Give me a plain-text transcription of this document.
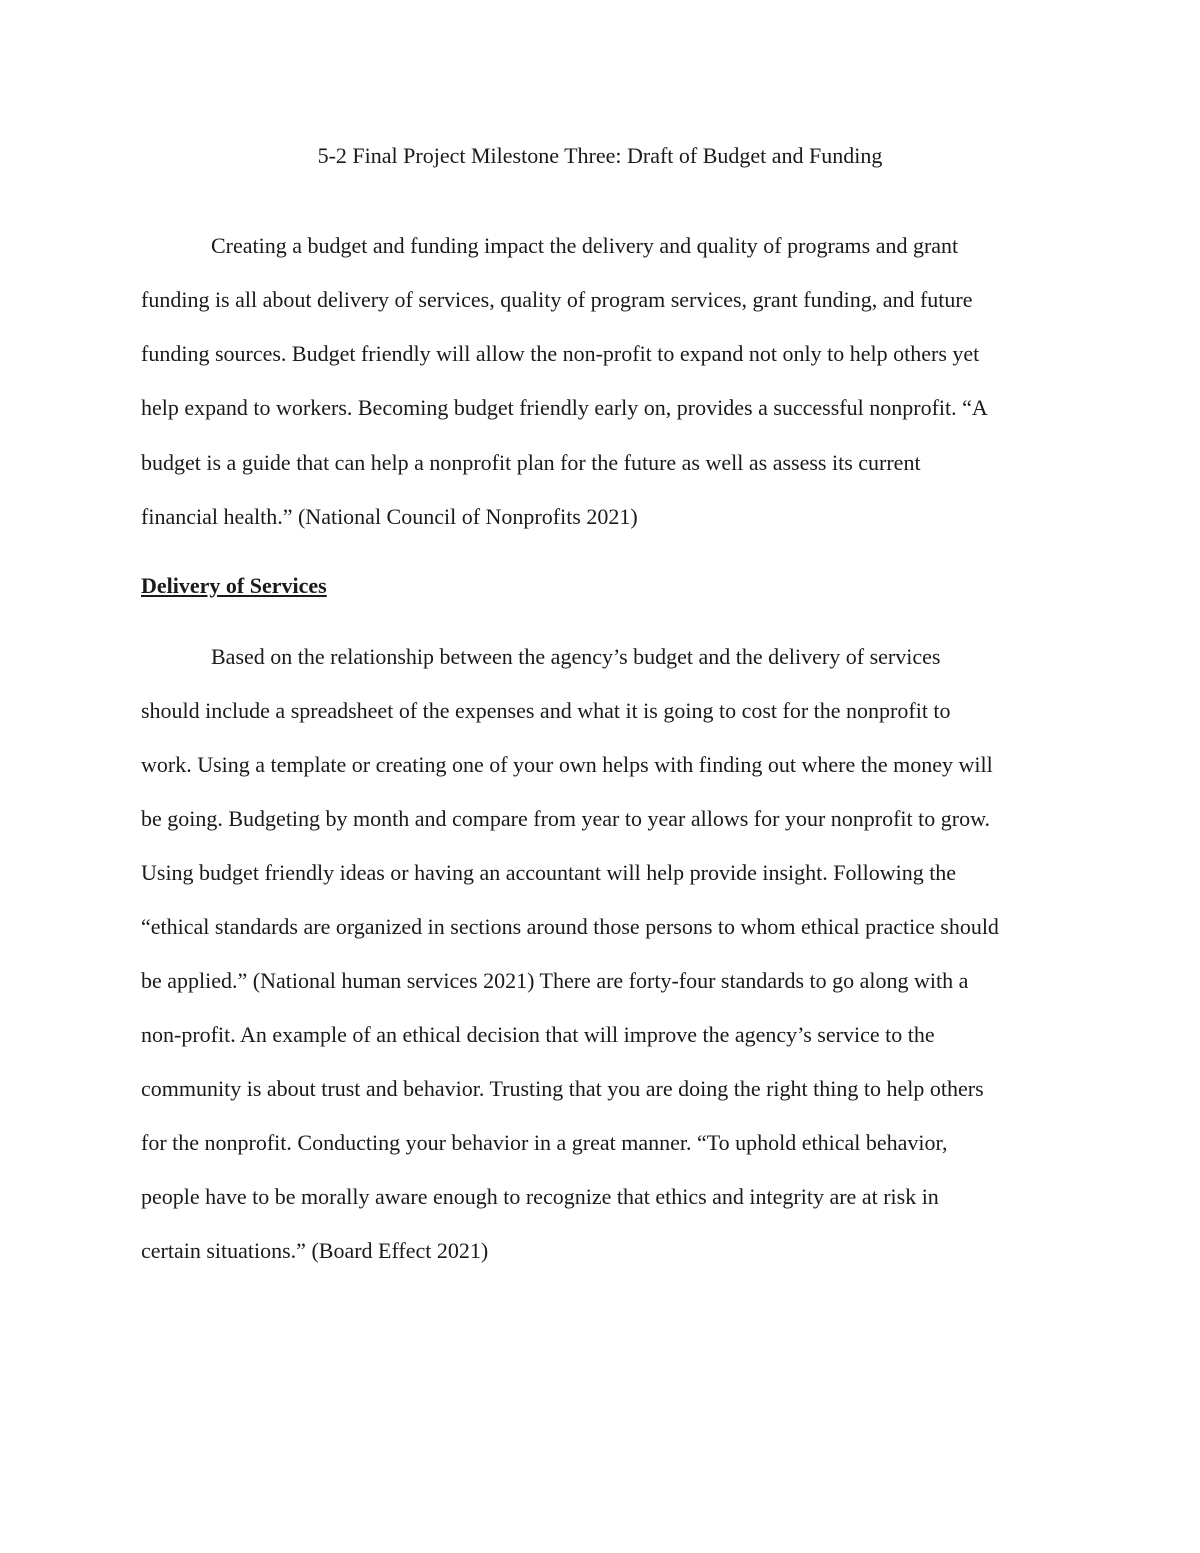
5-2 Final Project Milestone Three: Draft of Budget and Funding
Creating a budget and funding impact the delivery and quality of programs and grant
funding is all about delivery of services, quality of program services, grant funding, and future
funding sources. Budget friendly will allow the non-profit to expand not only to help others yet
help expand to workers. Becoming budget friendly early on, provides a successful nonprofit. “A
budget is a guide that can help a nonprofit plan for the future as well as assess its current
financial health.” (National Council of Nonprofits 2021)
Delivery of Services
Based on the relationship between the agency’s budget and the delivery of services
should include a spreadsheet of the expenses and what it is going to cost for the nonprofit to
work. Using a template or creating one of your own helps with finding out where the money will
be going. Budgeting by month and compare from year to year allows for your nonprofit to grow.
Using budget friendly ideas or having an accountant will help provide insight. Following the
“ethical standards are organized in sections around those persons to whom ethical practice should
be applied.” (National human services 2021) There are forty-four standards to go along with a
non-profit. An example of an ethical decision that will improve the agency’s service to the
community is about trust and behavior. Trusting that you are doing the right thing to help others
for the nonprofit. Conducting your behavior in a great manner. “To uphold ethical behavior,
people have to be morally aware enough to recognize that ethics and integrity are at risk in
certain situations.” (Board Effect 2021)
